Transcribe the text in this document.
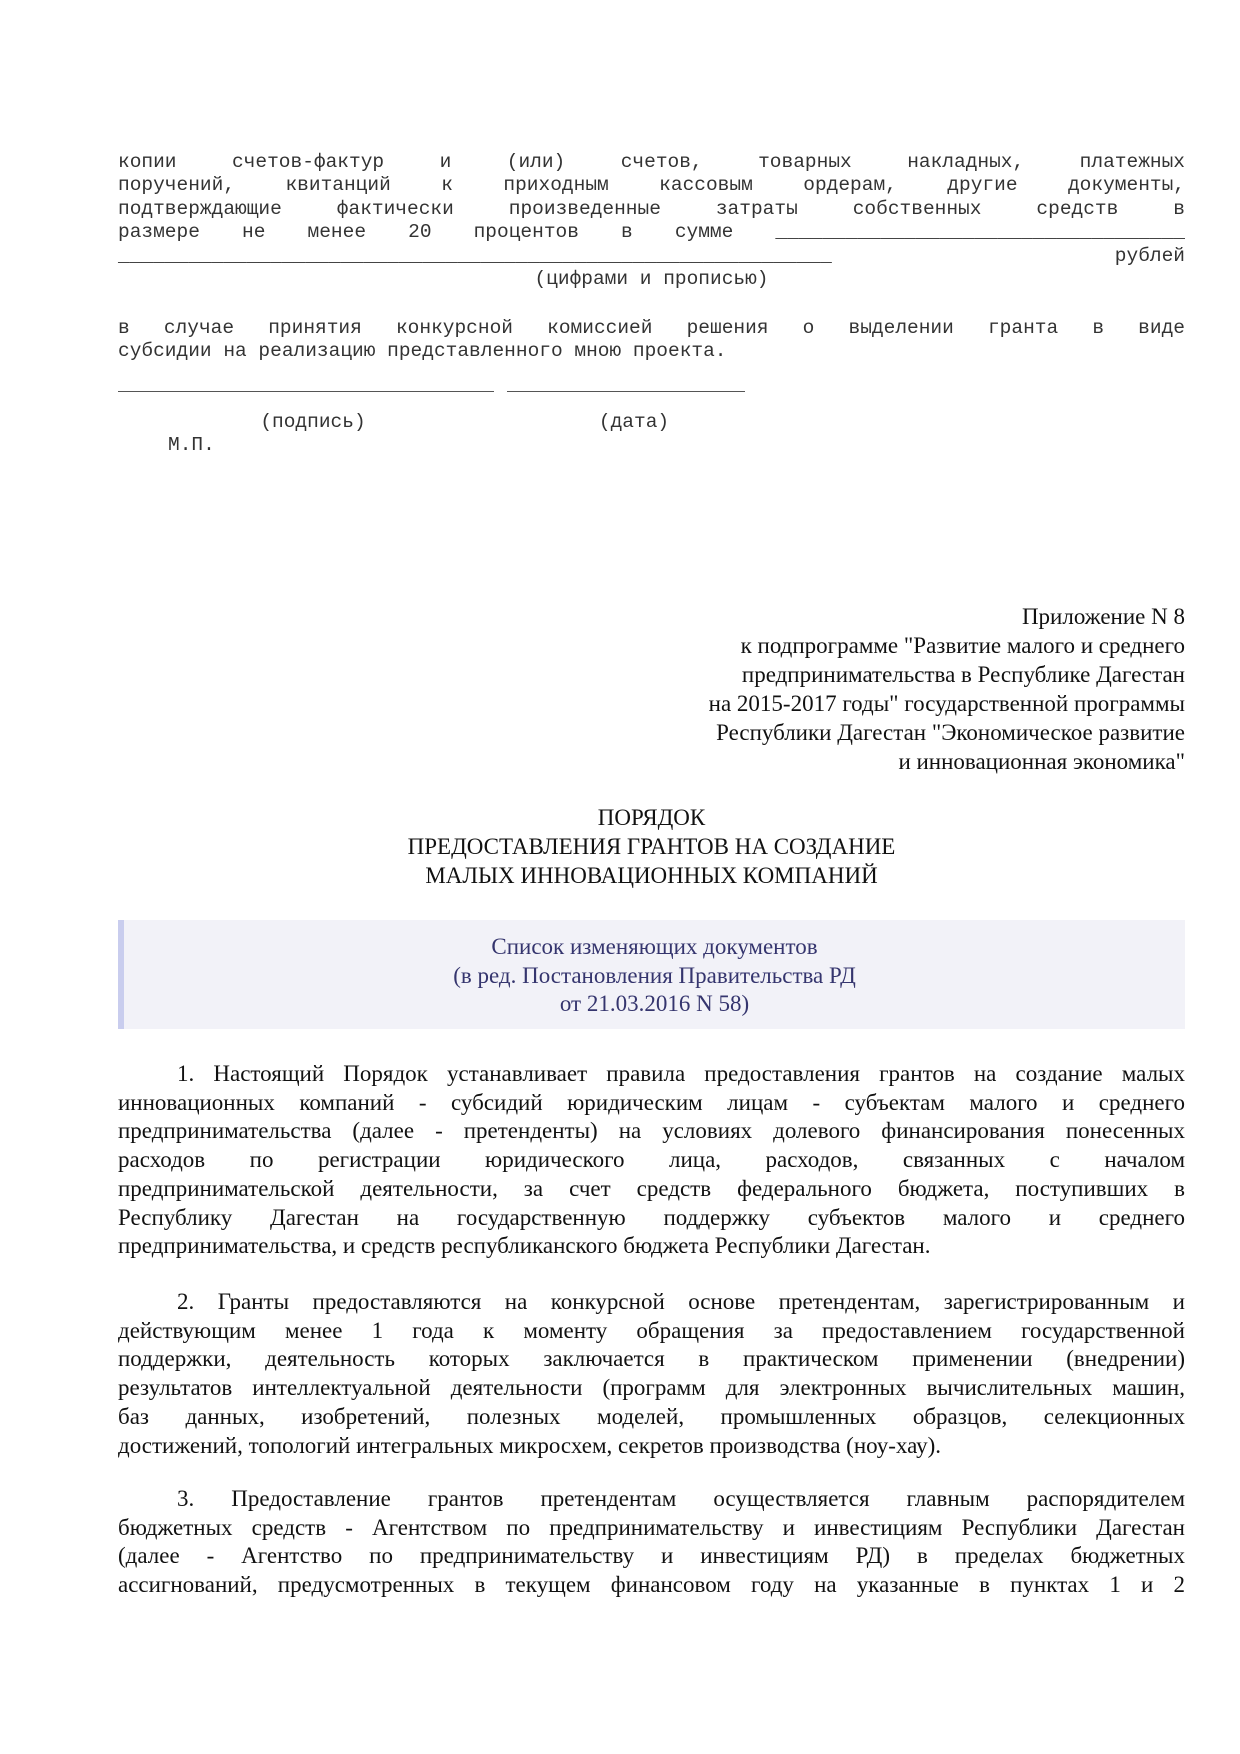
(цифрами и прописью)
(подпись)	(дата)
М.П.
Список изменяющих документов
(в ред. Постановления Правительства РД
от 21.03.2016 N 58)
копии счетов-фактур и (или) счетов, товарных накладных, платежных
поручений, квитанций к приходным кассовым ордерам, другие документы,
подтверждающие фактически произведенные затраты собственных средств в
размере не менее 20 процентов в сумме ___________________________________
_____________________________________________________________ рублей
в случае принятия конкурсной комиссией решения о выделении гранта в виде
субсидии на реализацию представленного мною проекта.
Приложение N 8
к подпрограмме "Развитие малого и среднего
предпринимательства в Республике Дагестан
на 2015-2017 годы" государственной программы
Республики Дагестан "Экономическое развитие
и инновационная экономика"
ПОРЯДОК
ПРЕДОСТАВЛЕНИЯ ГРАНТОВ НА СОЗДАНИЕ
МАЛЫХ ИННОВАЦИОННЫХ КОМПАНИЙ
1. Настоящий Порядок устанавливает правила предоставления грантов на создание малых
инновационных компаний - субсидий юридическим лицам - субъектам малого и среднего
предпринимательства (далее - претенденты) на условиях долевого финансирования понесенных
расходов по регистрации юридического лица, расходов, связанных с началом
предпринимательской деятельности, за счет средств федерального бюджета, поступивших в
Республику Дагестан на государственную поддержку субъектов малого и среднего
предпринимательства, и средств республиканского бюджета Республики Дагестан.
2. Гранты предоставляются на конкурсной основе претендентам, зарегистрированным и
действующим менее 1 года к моменту обращения за предоставлением государственной
поддержки, деятельность которых заключается в практическом применении (внедрении)
результатов интеллектуальной деятельности (программ для электронных вычислительных машин,
баз данных, изобретений, полезных моделей, промышленных образцов, селекционных
достижений, топологий интегральных микросхем, секретов производства (ноу-хау).
3. Предоставление грантов претендентам осуществляется главным распорядителем
бюджетных средств - Агентством по предпринимательству и инвестициям Республики Дагестан
(далее - Агентство по предпринимательству и инвестициям РД) в пределах бюджетных
ассигнований, предусмотренных в текущем финансовом году на указанные в пунктах 1 и 2
